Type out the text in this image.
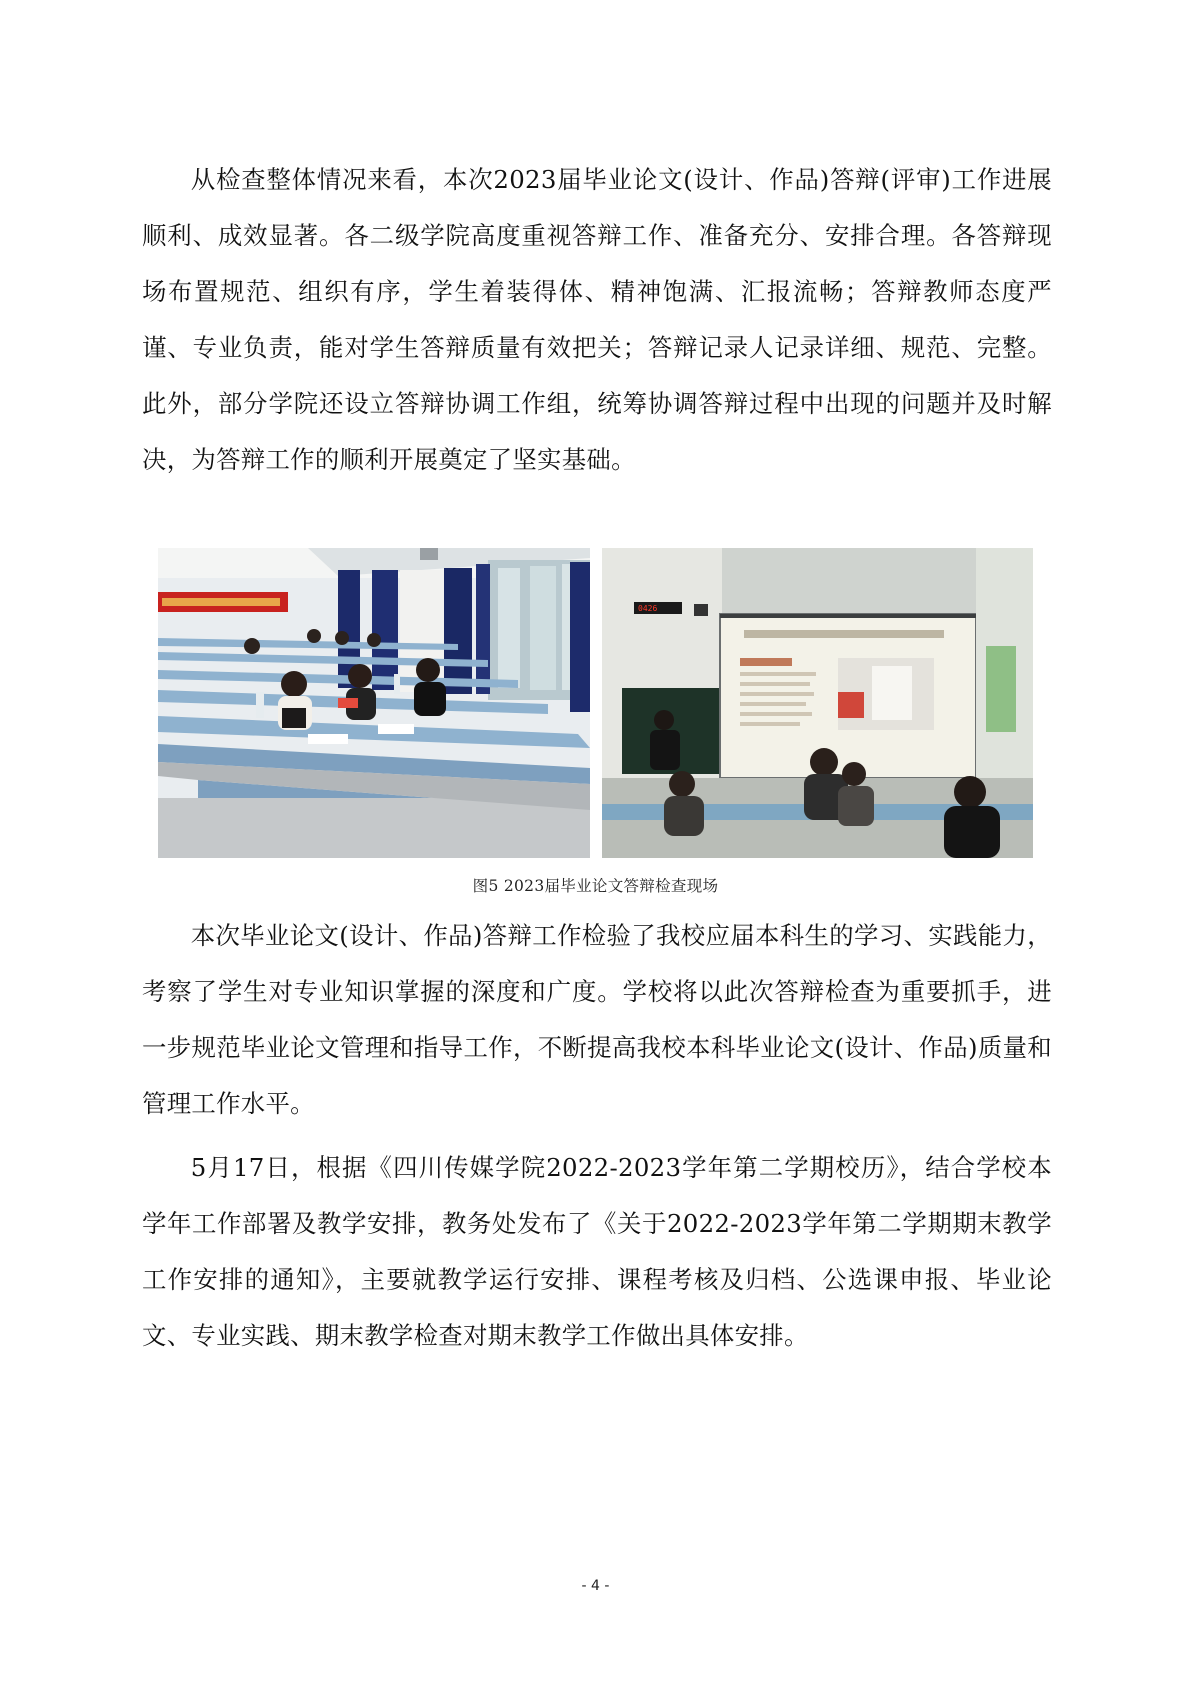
从检查整体情况来看，本次2023届毕业论文(设计、作品)答辩(评审)工作进展顺利、成效显著。各二级学院高度重视答辩工作、准备充分、安排合理。各答辩现场布置规范、组织有序，学生着装得体、精神饱满、汇报流畅；答辩教师态度严谨、专业负责，能对学生答辩质量有效把关；答辩记录人记录详细、规范、完整。此外，部分学院还设立答辩协调工作组，统筹协调答辩过程中出现的问题并及时解决，为答辩工作的顺利开展奠定了坚实基础。

0426
图5 2023届毕业论文答辩检查现场

本次毕业论文(设计、作品)答辩工作检验了我校应届本科生的学习、实践能力，考察了学生对专业知识掌握的深度和广度。学校将以此次答辩检查为重要抓手，进一步规范毕业论文管理和指导工作，不断提高我校本科毕业论文(设计、作品)质量和管理工作水平。

5月17日，根据《四川传媒学院2022-2023学年第二学期校历》，结合学校本学年工作部署及教学安排，教务处发布了《关于2022-2023学年第二学期期末教学工作安排的通知》，主要就教学运行安排、课程考核及归档、公选课申报、毕业论文、专业实践、期末教学检查对期末教学工作做出具体安排。

- 4 -
